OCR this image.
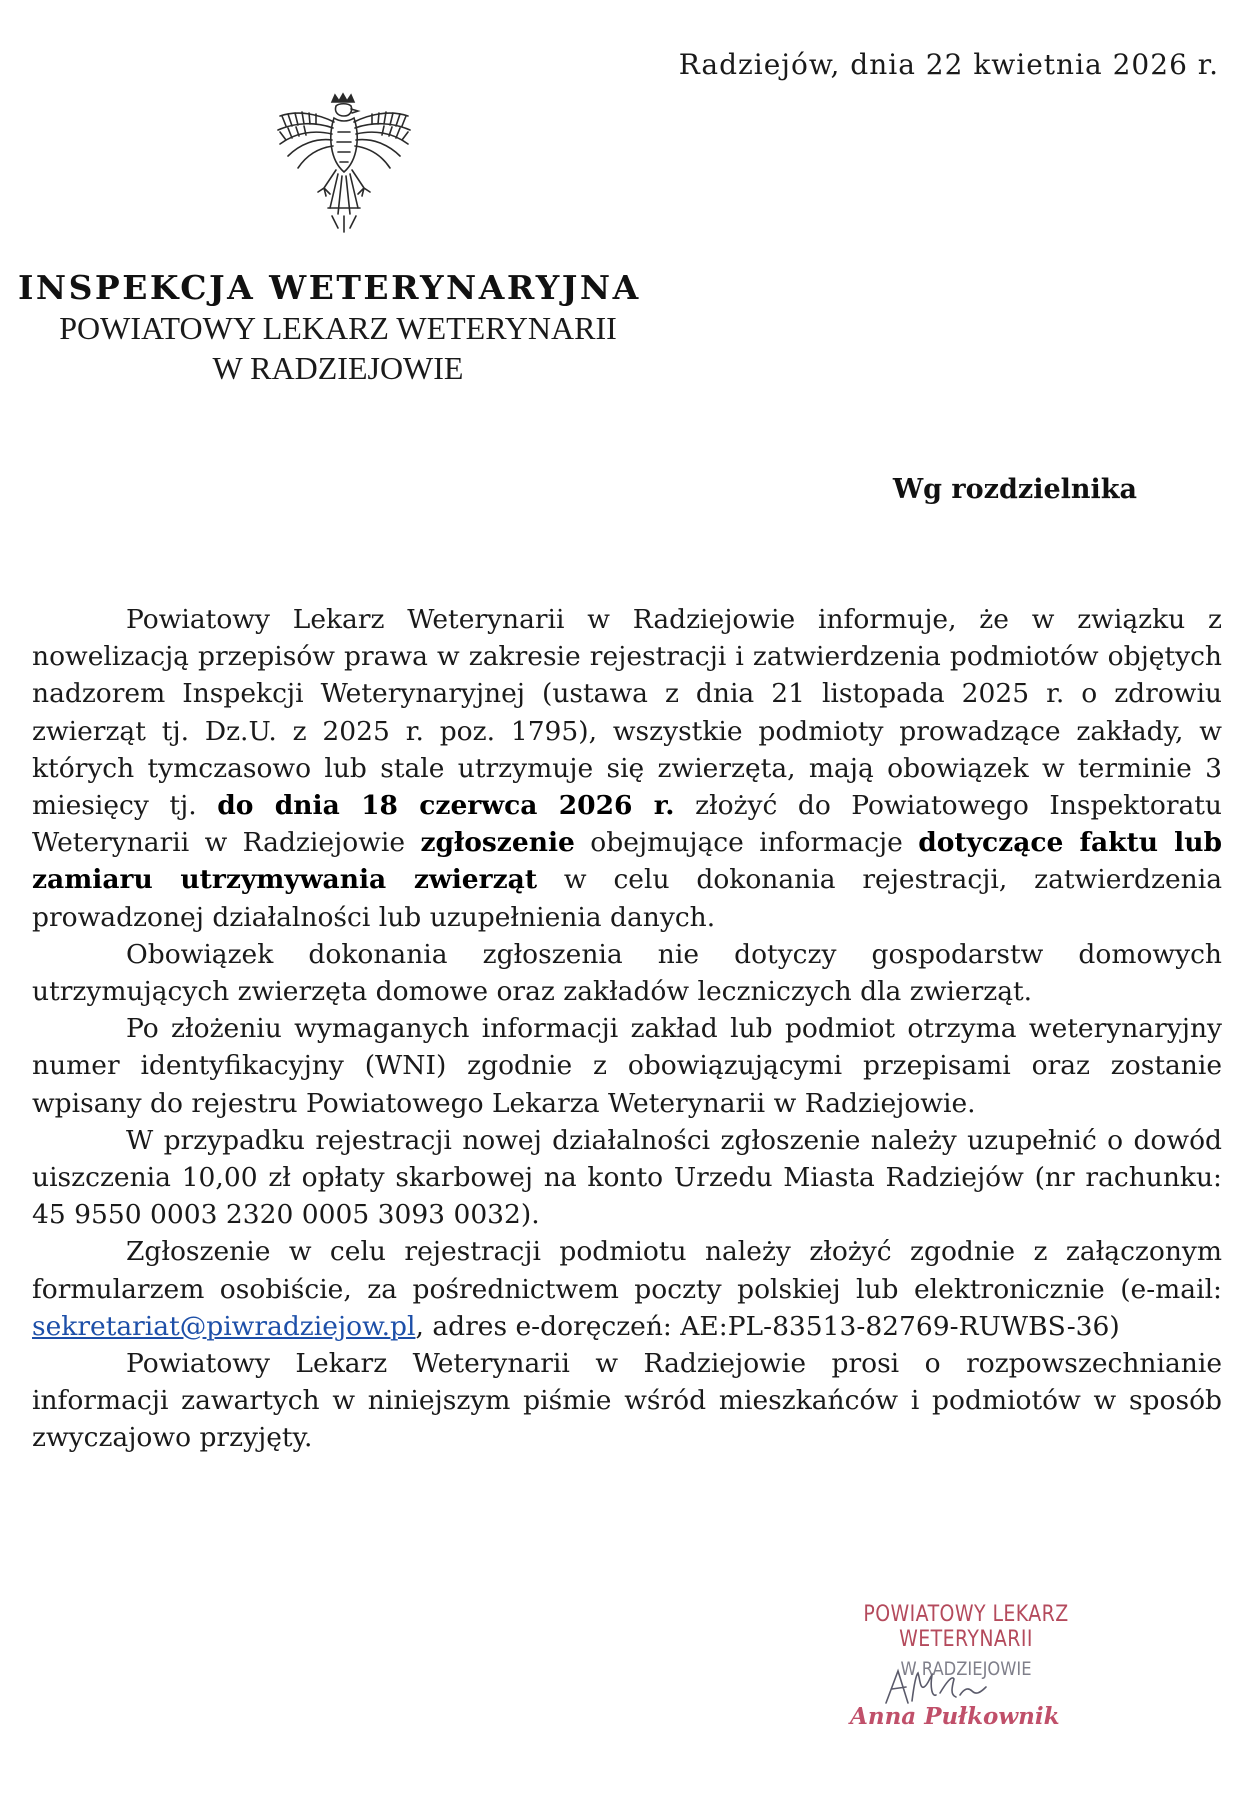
Radziejów, dnia 22 kwietnia 2026 r.
INSPEKCJA WETERYNARYJNA
POWIATOWY LEKARZ WETERYNARII
W RADZIEJOWIE
Wg rozdzielnika

Powiatowy Lekarz Weterynarii w Radziejowie informuje, że w związku z nowelizacją przepisów prawa w zakresie rejestracji i zatwierdzenia podmiotów objętych nadzorem Inspekcji Weterynaryjnej (ustawa z dnia 21 listopada 2025 r. o zdrowiu zwierząt tj. Dz.U. z 2025 r. poz. 1795), wszystkie podmioty prowadzące zakłady, w których tymczasowo lub stale utrzymuje się zwierzęta, mają obowiązek w terminie 3 miesięcy tj. do dnia 18 czerwca 2026 r. złożyć do Powiatowego Inspektoratu Weterynarii w Radziejowie zgłoszenie obejmujące informacje dotyczące faktu lub zamiaru utrzymywania zwierząt w celu dokonania rejestracji, zatwierdzenia prowadzonej działalności lub uzupełnienia danych.

Obowiązek dokonania zgłoszenia nie dotyczy gospodarstw domowych utrzymujących zwierzęta domowe oraz zakładów leczniczych dla zwierząt.

Po złożeniu wymaganych informacji zakład lub podmiot otrzyma weterynaryjny numer identyfikacyjny (WNI) zgodnie z obowiązującymi przepisami oraz zostanie wpisany do rejestru Powiatowego Lekarza Weterynarii w Radziejowie.

W przypadku rejestracji nowej działalności zgłoszenie należy uzupełnić o dowód uiszczenia 10,00 zł opłaty skarbowej na konto Urzedu Miasta Radziejów (nr rachunku: 45 9550 0003 2320 0005 3093 0032).

Zgłoszenie w celu rejestracji podmiotu należy złożyć zgodnie z załączonym formularzem osobiście, za pośrednictwem poczty polskiej lub elektronicznie (e-mail: sekretariat@piwradziejow.pl, adres e-doręczeń: AE:PL-83513-82769-RUWBS-36)

Powiatowy Lekarz Weterynarii w Radziejowie prosi o rozpowszechnianie informacji zawartych w niniejszym piśmie wśród mieszkańców i podmiotów w sposób zwyczajowo przyjęty.

POWIATOWY LEKARZ WETERYNARII
W RADZIEJOWIE
Anna Pułkownik
